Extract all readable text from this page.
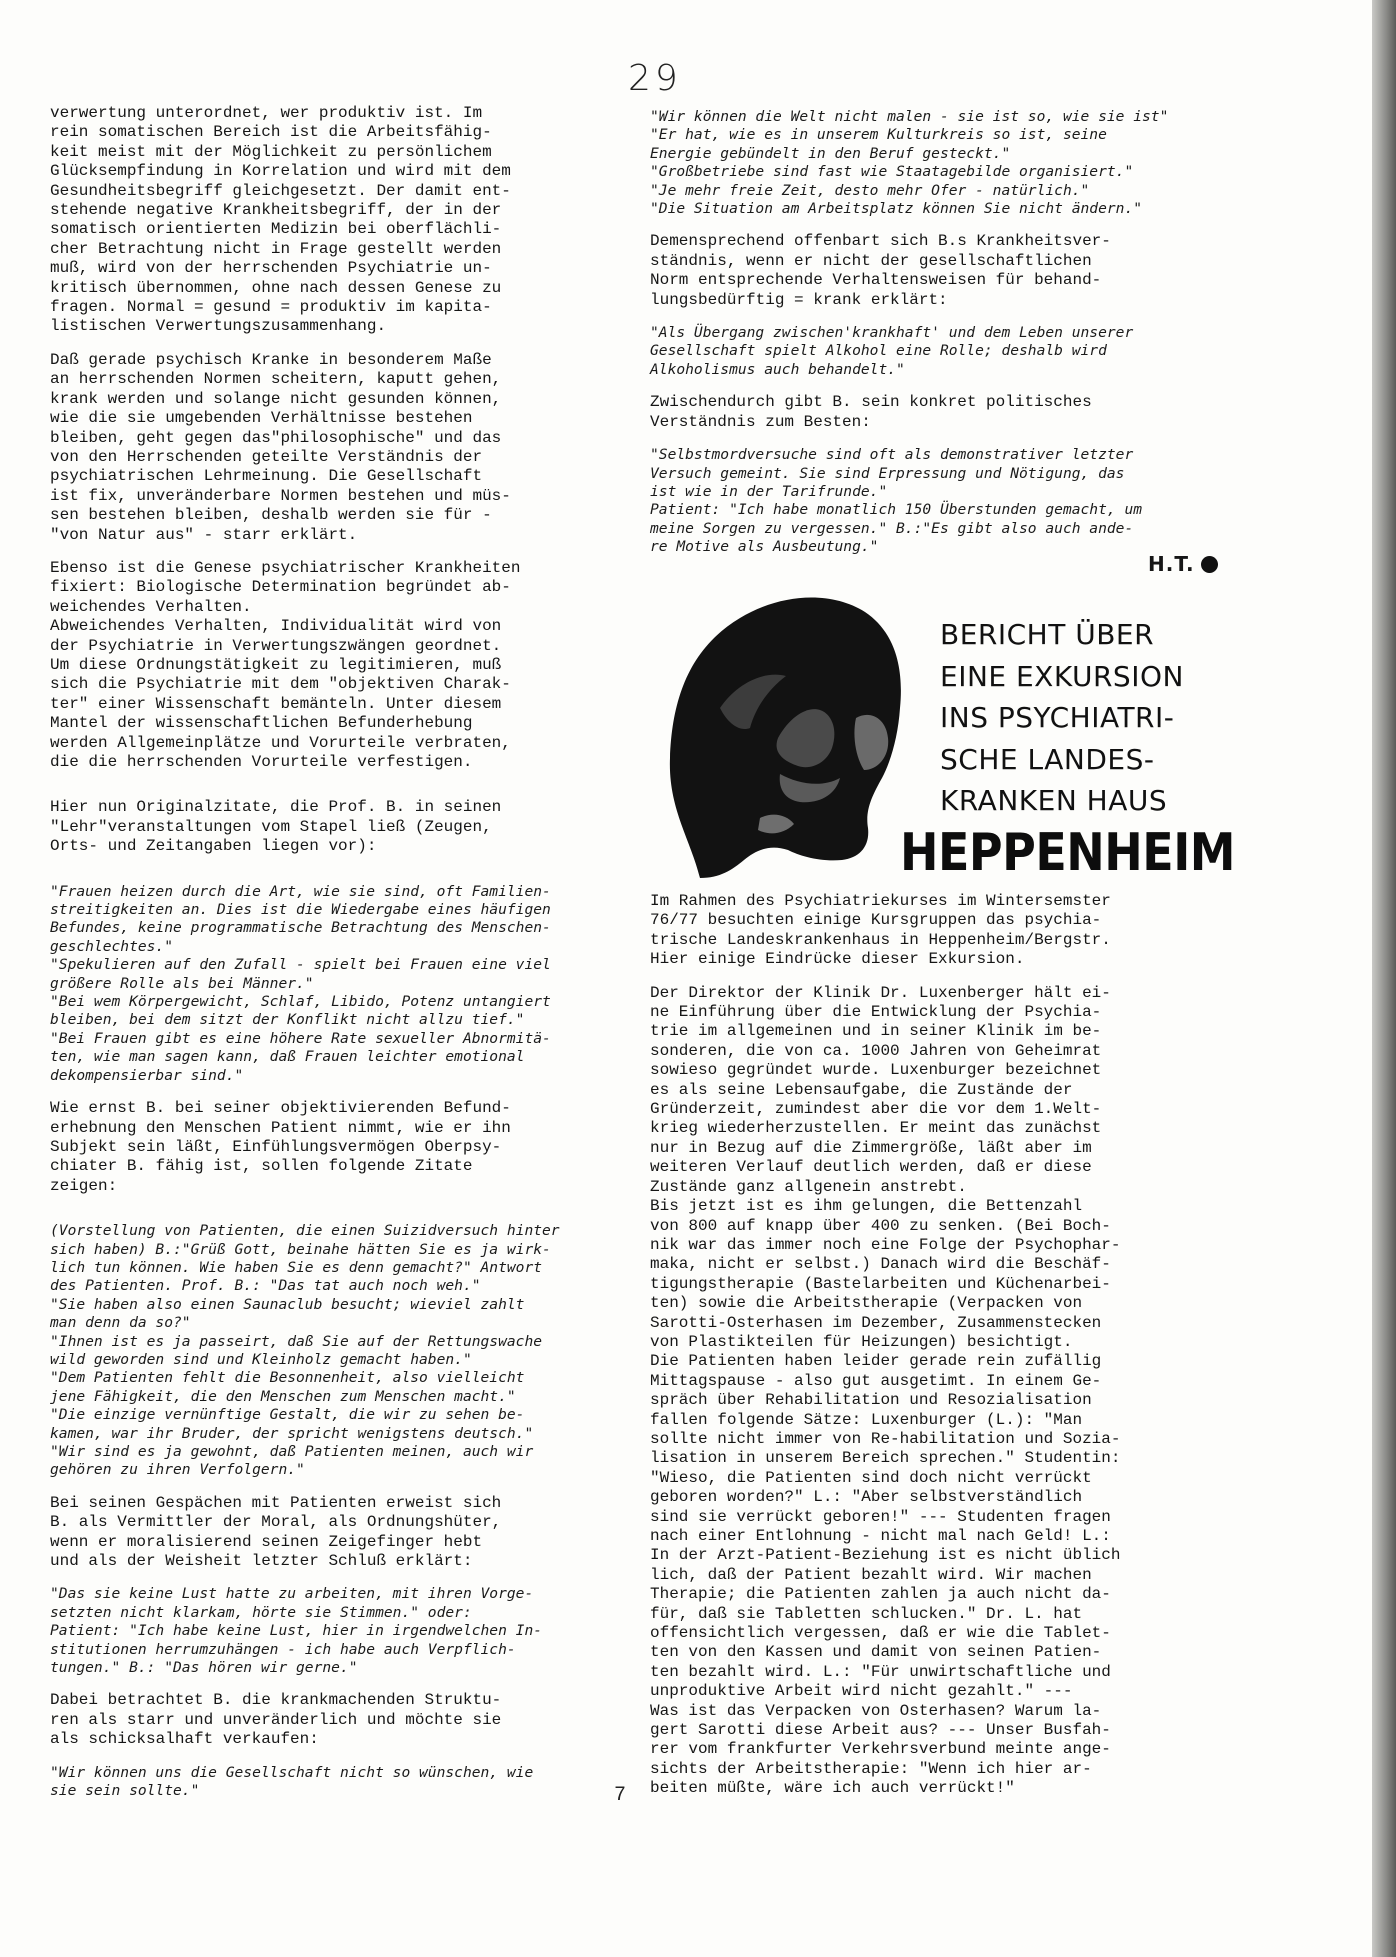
29

verwertung unterordnet, wer produktiv ist. Im
rein somatischen Bereich ist die Arbeitsfähig-
keit meist mit der Möglichkeit zu persönlichem
Glücksempfindung in Korrelation und wird mit dem
Gesundheitsbegriff gleichgesetzt. Der damit ent-
stehende negative Krankheitsbegriff, der in der
somatisch orientierten Medizin bei oberflächli-
cher Betrachtung nicht in Frage gestellt werden
muß, wird von der herrschenden Psychiatrie un-
kritisch übernommen, ohne nach dessen Genese zu
fragen. Normal = gesund = produktiv im kapita-
listischen Verwertungszusammenhang.

Daß gerade psychisch Kranke in besonderem Maße
an herrschenden Normen scheitern, kaputt gehen,
krank werden und solange nicht gesunden können,
wie die sie umgebenden Verhältnisse bestehen
bleiben, geht gegen das"philosophische" und das
von den Herrschenden geteilte Verständnis der
psychiatrischen Lehrmeinung. Die Gesellschaft
ist fix, unveränderbare Normen bestehen und müs-
sen bestehen bleiben, deshalb werden sie für -
"von Natur aus" - starr erklärt.

Ebenso ist die Genese psychiatrischer Krankheiten
fixiert: Biologische Determination begründet ab-
weichendes Verhalten.
Abweichendes Verhalten, Individualität wird von
der Psychiatrie in Verwertungszwängen geordnet.
Um diese Ordnungstätigkeit zu legitimieren, muß
sich die Psychiatrie mit dem "objektiven Charak-
ter" einer Wissenschaft bemänteln. Unter diesem
Mantel der wissenschaftlichen Befunderhebung
werden Allgemeinplätze und Vorurteile verbraten,
die die herrschenden Vorurteile verfestigen.

Hier nun Originalzitate, die Prof. B. in seinen
"Lehr"veranstaltungen vom Stapel ließ (Zeugen,
Orts- und Zeitangaben liegen vor):

"Frauen heizen durch die Art, wie sie sind, oft Familien-
streitigkeiten an. Dies ist die Wiedergabe eines häufigen
Befundes, keine programmatische Betrachtung des Menschen-
geschlechtes."
"Spekulieren auf den Zufall - spielt bei Frauen eine viel
größere Rolle als bei Männer."
"Bei wem Körpergewicht, Schlaf, Libido, Potenz untangiert
bleiben, bei dem sitzt der Konflikt nicht allzu tief."
"Bei Frauen gibt es eine höhere Rate sexueller Abnormitä-
ten, wie man sagen kann, daß Frauen leichter emotional
dekompensierbar sind."

Wie ernst B. bei seiner objektivierenden Befund-
erhebnung den Menschen Patient nimmt, wie er ihn
Subjekt sein läßt, Einfühlungsvermögen Oberpsy-
chiater B. fähig ist, sollen folgende Zitate
zeigen:

(Vorstellung von Patienten, die einen Suizidversuch hinter
sich haben) B.:"Grüß Gott, beinahe hätten Sie es ja wirk-
lich tun können. Wie haben Sie es denn gemacht?" Antwort
des Patienten. Prof. B.: "Das tat auch noch weh."
"Sie haben also einen Saunaclub besucht; wieviel zahlt
man denn da so?"
"Ihnen ist es ja passeirt, daß Sie auf der Rettungswache
wild geworden sind und Kleinholz gemacht haben."
"Dem Patienten fehlt die Besonnenheit, also vielleicht
jene Fähigkeit, die den Menschen zum Menschen macht."
"Die einzige vernünftige Gestalt, die wir zu sehen be-
kamen, war ihr Bruder, der spricht wenigstens deutsch."
"Wir sind es ja gewohnt, daß Patienten meinen, auch wir
gehören zu ihren Verfolgern."

Bei seinen Gespächen mit Patienten erweist sich
B. als Vermittler der Moral, als Ordnungshüter,
wenn er moralisierend seinen Zeigefinger hebt
und als der Weisheit letzter Schluß erklärt:

"Das sie keine Lust hatte zu arbeiten, mit ihren Vorge-
setzten nicht klarkam, hörte sie Stimmen." oder:
Patient: "Ich habe keine Lust, hier in irgendwelchen In-
stitutionen herrumzuhängen - ich habe auch Verpflich-
tungen." B.: "Das hören wir gerne."

Dabei betrachtet B. die krankmachenden Struktu-
ren als starr und unveränderlich und möchte sie
als schicksalhaft verkaufen:

"Wir können uns die Gesellschaft nicht so wünschen, wie
sie sein sollte."

"Wir können die Welt nicht malen - sie ist so, wie sie ist"
"Er hat, wie es in unserem Kulturkreis so ist, seine
Energie gebündelt in den Beruf gesteckt."
"Großbetriebe sind fast wie Staatagebilde organisiert."
"Je mehr freie Zeit, desto mehr Ofer - natürlich."
"Die Situation am Arbeitsplatz können Sie nicht ändern."

Demensprechend offenbart sich B.s Krankheitsver-
ständnis, wenn er nicht der gesellschaftlichen
Norm entsprechende Verhaltensweisen für behand-
lungsbedürftig = krank erklärt:

"Als Übergang zwischen'krankhaft' und dem Leben unserer
Gesellschaft spielt Alkohol eine Rolle; deshalb wird
Alkoholismus auch behandelt."

Zwischendurch gibt B. sein konkret politisches
Verständnis zum Besten:

"Selbstmordversuche sind oft als demonstrativer letzter
Versuch gemeint. Sie sind Erpressung und Nötigung, das
ist wie in der Tarifrunde."
Patient: "Ich habe monatlich 150 Überstunden gemacht, um
meine Sorgen zu vergessen." B.:"Es gibt also auch ande-
re Motive als Ausbeutung."

H.T.
BERICHT ÜBER
EINE EXKURSION
INS PSYCHIATRI-
SCHE LANDES-
KRANKEN HAUS
HEPPENHEIM

Im Rahmen des Psychiatriekurses im Wintersemster
76/77 besuchten einige Kursgruppen das psychia-
trische Landeskrankenhaus in Heppenheim/Bergstr.
Hier einige Eindrücke dieser Exkursion.

Der Direktor der Klinik Dr. Luxenberger hält ei-
ne Einführung über die Entwicklung der Psychia-
trie im allgemeinen und in seiner Klinik im be-
sonderen, die von ca. 1000 Jahren von Geheimrat
sowieso gegründet wurde. Luxenburger bezeichnet
es als seine Lebensaufgabe, die Zustände der
Gründerzeit, zumindest aber die vor dem 1.Welt-
krieg wiederherzustellen. Er meint das zunächst
nur in Bezug auf die Zimmergröße, läßt aber im
weiteren Verlauf deutlich werden, daß er diese
Zustände ganz allgenein anstrebt.
Bis jetzt ist es ihm gelungen, die Bettenzahl
von 800 auf knapp über 400 zu senken. (Bei Boch-
nik war das immer noch eine Folge der Psychophar-
maka, nicht er selbst.) Danach wird die Beschäf-
tigungstherapie (Bastelarbeiten und Küchenarbei-
ten) sowie die Arbeitstherapie (Verpacken von
Sarotti-Osterhasen im Dezember, Zusammenstecken
von Plastikteilen für Heizungen) besichtigt.
Die Patienten haben leider gerade rein zufällig
Mittagspause - also gut ausgetimt. In einem Ge-
spräch über Rehabilitation und Resozialisation
fallen folgende Sätze: Luxenburger (L.): "Man
sollte nicht immer von Re-habilitation und Sozia-
lisation in unserem Bereich sprechen." Studentin:
"Wieso, die Patienten sind doch nicht verrückt
geboren worden?" L.: "Aber selbstverständlich
sind sie verrückt geboren!" --- Studenten fragen
nach einer Entlohnung - nicht mal nach Geld! L.:
In der Arzt-Patient-Beziehung ist es nicht üblich
lich, daß der Patient bezahlt wird. Wir machen
Therapie; die Patienten zahlen ja auch nicht da-
für, daß sie Tabletten schlucken." Dr. L. hat
offensichtlich vergessen, daß er wie die Tablet-
ten von den Kassen und damit von seinen Patien-
ten bezahlt wird. L.: "Für unwirtschaftliche und
unproduktive Arbeit wird nicht gezahlt." ---
Was ist das Verpacken von Osterhasen? Warum la-
gert Sarotti diese Arbeit aus? --- Unser Busfah-
rer vom frankfurter Verkehrsverbund meinte ange-
sichts der Arbeitstherapie: "Wenn ich hier ar-
beiten müßte, wäre ich auch verrückt!"

7
